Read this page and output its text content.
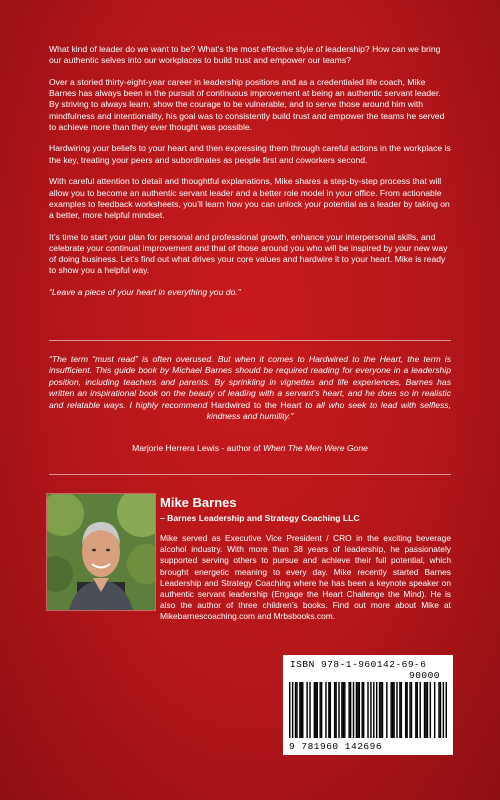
What kind of leader do we want to be? What’s the most effective style of leadership? How can we bring our authentic selves into our workplaces to build trust and empower our teams?

Over a storied thirty-eight-year career in leadership positions and as a credentialed life coach, Mike Barnes has always been in the pursuit of continuous improvement at being an authentic servant leader. By striving to always learn, show the courage to be vulnerable, and to serve those around him with mindfulness and intentionality, his goal was to consistently build trust and empower the teams he served to achieve more than they ever thought was possible.

Hardwiring your beliefs to your heart and then expressing them through careful actions in the workplace is the key, treating your peers and subordinates as people first and coworkers second.

With careful attention to detail and thoughtful explanations, Mike shares a step-by-step process that will allow you to become an authentic servant leader and a better role model in your office. From actionable examples to feedback worksheets, you’ll learn how you can unlock your potential as a leader by taking on a better, more helpful mindset.

It’s time to start your plan for personal and professional growth, enhance your interpersonal skills, and celebrate your continual improvement and that of those around you who will be inspired by your new way of doing business. Let’s find out what drives your core values and hardwire it to your heart. Mike is ready to show you a helpful way.

“Leave a piece of your heart in everything you do.”

“The term “must read” is often overused. But when it comes to Hardwired to the Heart, the term is insufficient. This guide book by Michael Barnes should be required reading for everyone in a leadership position, including teachers and parents. By sprinkling in vignettes and life experiences, Barnes has written an inspirational book on the beauty of leading with a servant’s heart, and he does so in realistic and relatable ways. I highly recommend Hardwired to the Heart to all who seek to lead with selfless, kindness and humility.”
Marjorie Herrera Lewis - author of When The Men Were Gone
Mike Barnes
– Barnes Leadership and Strategy Coaching LLC
Mike served as Executive Vice President / CRO in the exciting beverage alcohol industry. With more than 38 years of leadership, he passionately supported serving others to pursue and achieve their full potential, which brought energetic meaning to every day. Mike recently started Barnes Leadership and Strategy Coaching where he has been a keynote speaker on authentic servant leadership (Engage the Heart Challenge the Mind). He is also the author of three children’s books. Find out more about Mike at Mikebarnescoaching.com and Mrbsbooks.com.
ISBN 978-1-960142-69-6
90000
9 781960 142696
